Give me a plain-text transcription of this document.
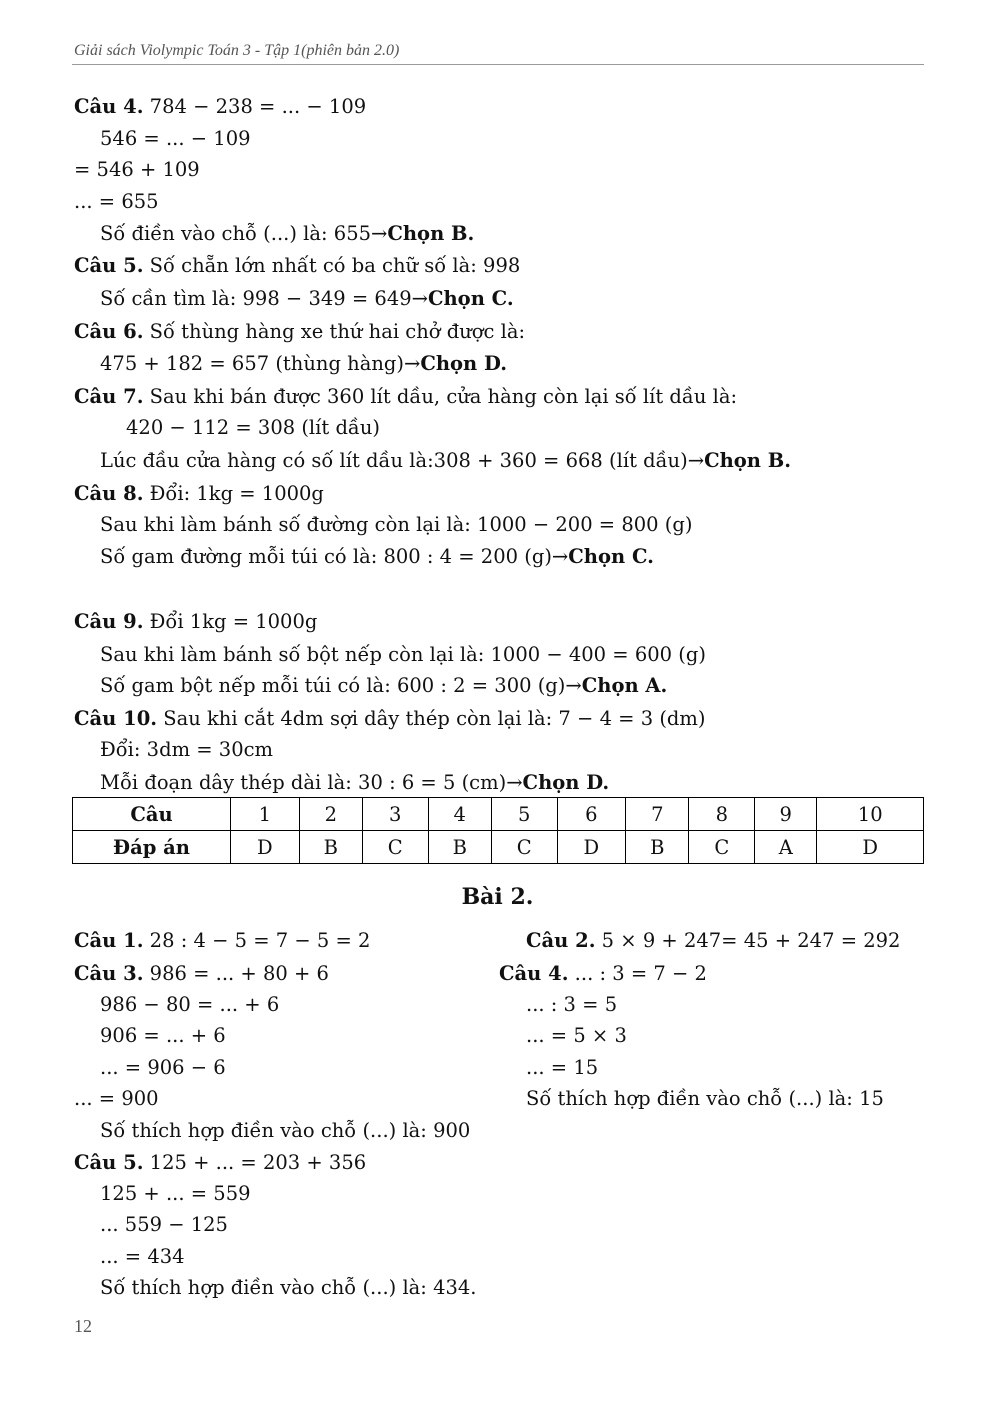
Giải sách Violympic Toán 3 - Tập 1(phiên bản 2.0)
Câu 4. 784 − 238 = ... − 109
546 = ... − 109
= 546 + 109
... = 655
Số điền vào chỗ (...) là: 655→Chọn B.
Câu 5. Số chẵn lớn nhất có ba chữ số là: 998
Số cần tìm là: 998 − 349 = 649→Chọn C.
Câu 6. Số thùng hàng xe thứ hai chở được là:
475 + 182 = 657 (thùng hàng)→Chọn D.
Câu 7. Sau khi bán được 360 lít dầu, cửa hàng còn lại số lít dầu là:
420 − 112 = 308 (lít dầu)
Lúc đầu cửa hàng có số lít dầu là:308 + 360 = 668 (lít dầu)→Chọn B.
Câu 8. Đổi: 1kg = 1000g
Sau khi làm bánh số đường còn lại là: 1000 − 200 = 800 (g)
Số gam đường mỗi túi có là: 800 : 4 = 200 (g)→Chọn C.
Câu 9. Đổi 1kg = 1000g
Sau khi làm bánh số bột nếp còn lại là: 1000 − 400 = 600 (g)
Số gam bột nếp mỗi túi có là: 600 : 2 = 300 (g)→Chọn A.
Câu 10. Sau khi cắt 4dm sợi dây thép còn lại là: 7 − 4 = 3 (dm)
Đổi: 3dm = 30cm
Mỗi đoạn dây thép dài là: 30 : 6 = 5 (cm)→Chọn D.
Câu	1	2	3	4	5	6	7	8	9	10
Đáp án	D	B	C	B	C	D	B	C	A	D
Bài 2.
Câu 1. 28 : 4 − 5 = 7 − 5 = 2	Câu 2. 5 × 9 + 247= 45 + 247 = 292
Câu 3. 986 = ... + 80 + 6	Câu 4. ... : 3 = 7 − 2
986 − 80 = ... + 6	... : 3 = 5
906 = ... + 6	... = 5 × 3
... = 906 − 6	... = 15
... = 900	Số thích hợp điền vào chỗ (...) là: 15
Số thích hợp điền vào chỗ (...) là: 900
Câu 5. 125 + ... = 203 + 356
125 + ... = 559
... 559 − 125
... = 434
Số thích hợp điền vào chỗ (...) là: 434.
12
